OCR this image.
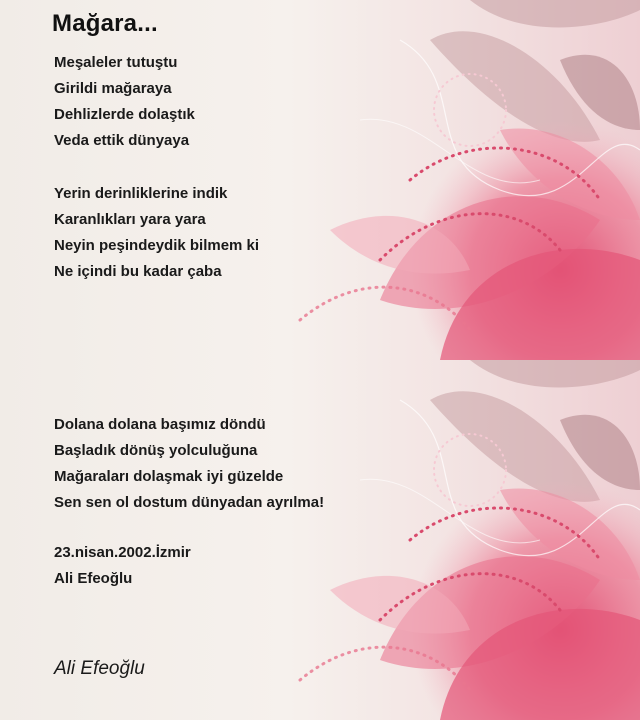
Mağara...
Meşaleler tutuştu
Girildi mağaraya
Dehlizlerde dolaştık
Veda ettik dünyaya
Yerin derinliklerine indik
Karanlıkları yara yara
Neyin peşindeydik bilmem ki
Ne içindi bu kadar çaba
Dolana dolana başımız döndü
Başladık dönüş yolculuğuna
Mağaraları dolaşmak iyi güzelde
Sen sen ol dostum dünyadan ayrılma!
23.nisan.2002.İzmir
Ali Efeoğlu
Ali Efeoğlu
